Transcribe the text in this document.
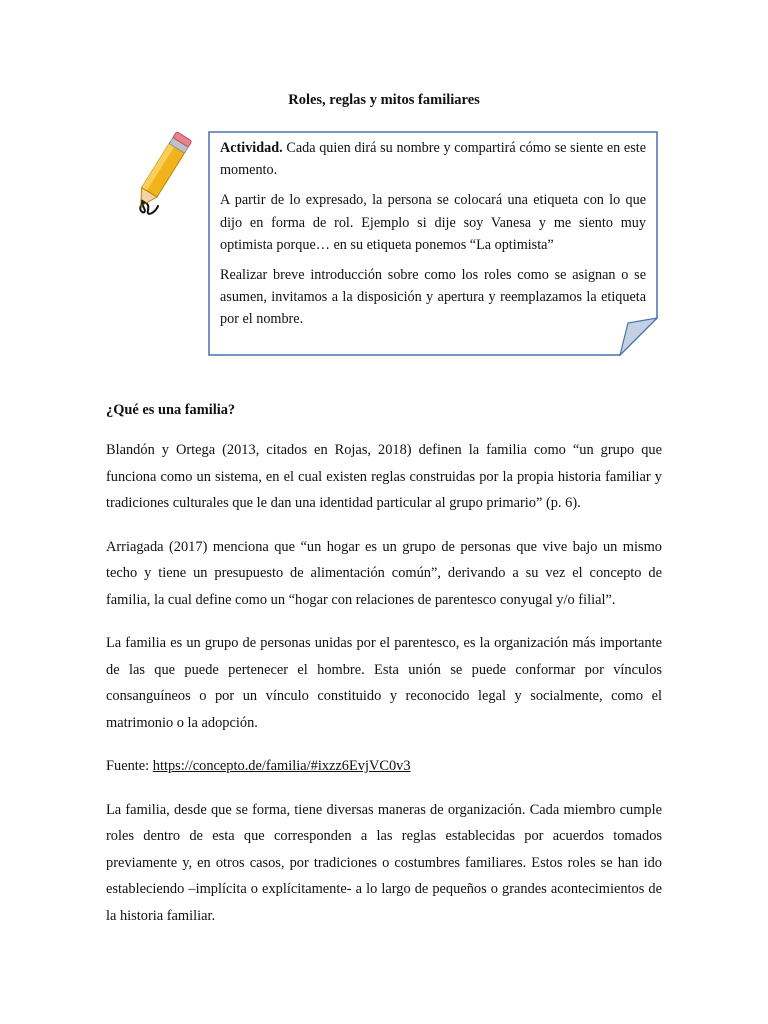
Roles, reglas y mitos familiares

Actividad. Cada quien dirá su nombre y compartirá cómo se siente en este momento.

A partir de lo expresado, la persona se colocará una etiqueta con lo que dijo en forma de rol. Ejemplo si dije soy Vanesa y me siento muy optimista porque… en su etiqueta ponemos “La optimista”

Realizar breve introducción sobre como los roles como se asignan o se asumen, invitamos a la disposición y apertura y reemplazamos la etiqueta por el nombre.

¿Qué es una familia?

Blandón y Ortega (2013, citados en Rojas, 2018) definen la familia como “un grupo que funciona como un sistema, en el cual existen reglas construidas por la propia historia familiar y tradiciones culturales que le dan una identidad particular al grupo primario” (p. 6).

Arriagada (2017) menciona que “un hogar es un grupo de personas que vive bajo un mismo techo y tiene un presupuesto de alimentación común”, derivando a su vez el concepto de familia, la cual define como un “hogar con relaciones de parentesco conyugal y/o filial”.

La familia es un grupo de personas unidas por el parentesco, es la organización más importante de las que puede pertenecer el hombre. Esta unión se puede conformar por vínculos consanguíneos o por un vínculo constituido y reconocido legal y socialmente, como el matrimonio o la adopción.

Fuente: https://concepto.de/familia/#ixzz6EvjVC0v3

La familia, desde que se forma, tiene diversas maneras de organización. Cada miembro cumple roles dentro de esta que corresponden a las reglas establecidas por acuerdos tomados previamente y, en otros casos, por tradiciones o costumbres familiares. Estos roles se han ido estableciendo –implícita o explícitamente- a lo largo de pequeños o grandes acontecimientos de la historia familiar.
